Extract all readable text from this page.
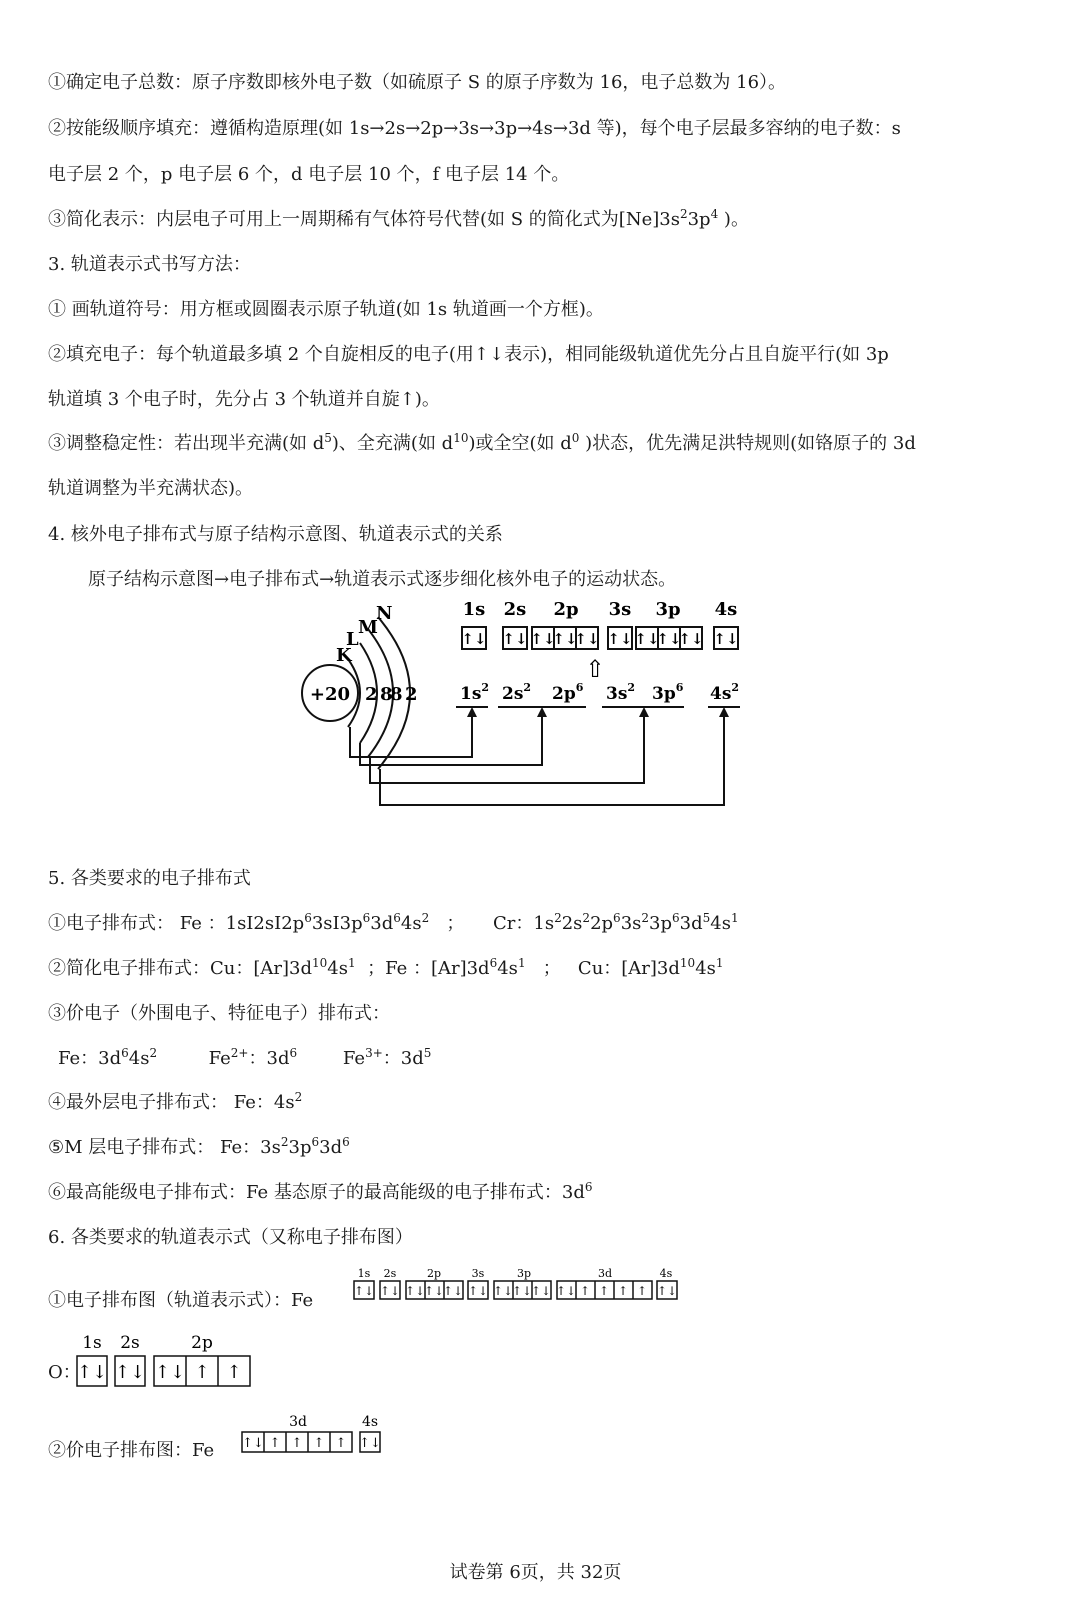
①确定电子总数：原子序数即核外电子数（如硫原子 S 的原子序数为 16，电子总数为 16）。
②按能级顺序填充：遵循构造原理(如 1s→2s→2p→3s→3p→4s→3d 等)，每个电子层最多容纳的电子数：s
电子层 2 个，p 电子层 6 个，d 电子层 10 个，f 电子层 14 个。
③简化表示：内层电子可用上一周期稀有气体符号代替(如 S 的简化式为$[Ne]3s^23p^4$ )。
3. 轨道表示式书写方法：
① 画轨道符号：用方框或圆圈表示原子轨道(如 1s 轨道画一个方框)。
②填充电子：每个轨道最多填 2 个自旋相反的电子(用↑↓表示)，相同能级轨道优先分占且自旋平行(如 3p
轨道填 3 个电子时，先分占 3 个轨道并自旋↑)。
③调整稳定性：若出现半充满(如 $d^5$)、全充满(如 $d^{10}$)或全空(如 $d^0$ )状态，优先满足洪特规则(如铬原子的 3d
轨道调整为半充满状态)。
4. 核外电子排布式与原子结构示意图、轨道表示式的关系
原子结构示意图→电子排布式→轨道表示式逐步细化核外电子的运动状态。
+20
K
L
M
N
2 8
8 2
1s 2s 2p 3s 3p 4s
↑↓ ↑↓ ↑↓
↑↓
↑↓ ↑↓ ↑↓
↑↓
↑↓ ↑↓
⇧
$1s^2$ $2s^2$ $2p^6$ $3s^2$ $3p^6$ $4s^2$
5. 各类要求的电子排布式
①电子排布式： Fe ：$1sI2sI2p^63sI3p^63d^64s^2$ ； Cr：$1s^22s^22p^63s^23p^63d^54s^1$
②简化电子排布式：Cu：$[Ar]3d^{10}4s^1$ ；Fe ：$[Ar]3d^64s^1$ ； Cu：$[Ar]3d^{10}4s^1$
③价电子（外围电子、特征电子）排布式：
Fe：$3d^64s^2$	$Fe^{2+}$：$3d^6$	$Fe^{3+}$：$3d^5$
④最外层电子排布式： Fe：$4s^2$
⑤M 层电子排布式： Fe：$3s^23p^63d^6$
⑥最高能级电子排布式：Fe 基态原子的最高能级的电子排布式：$3d^6$
6. 各类要求的轨道表示式（又称电子排布图）
①电子排布图（轨道表示式）：Fe
1s 2s	2p	3s	3p	3d	4s
↑↓ ↑↓ ↑↓
↑↓
↑↓ ↑↓ ↑↓
↑↓
↑↓ ↑↓ ↑ ↑ ↑ ↑ ↑↓
O：
1s 2s	2p
↑↓ ↑↓ ↑↓ ↑ ↑
②价电子排布图：Fe
3d	4s
↑↓ ↑ ↑ ↑ ↑ ↑↓
试卷第 6页，共 32页
